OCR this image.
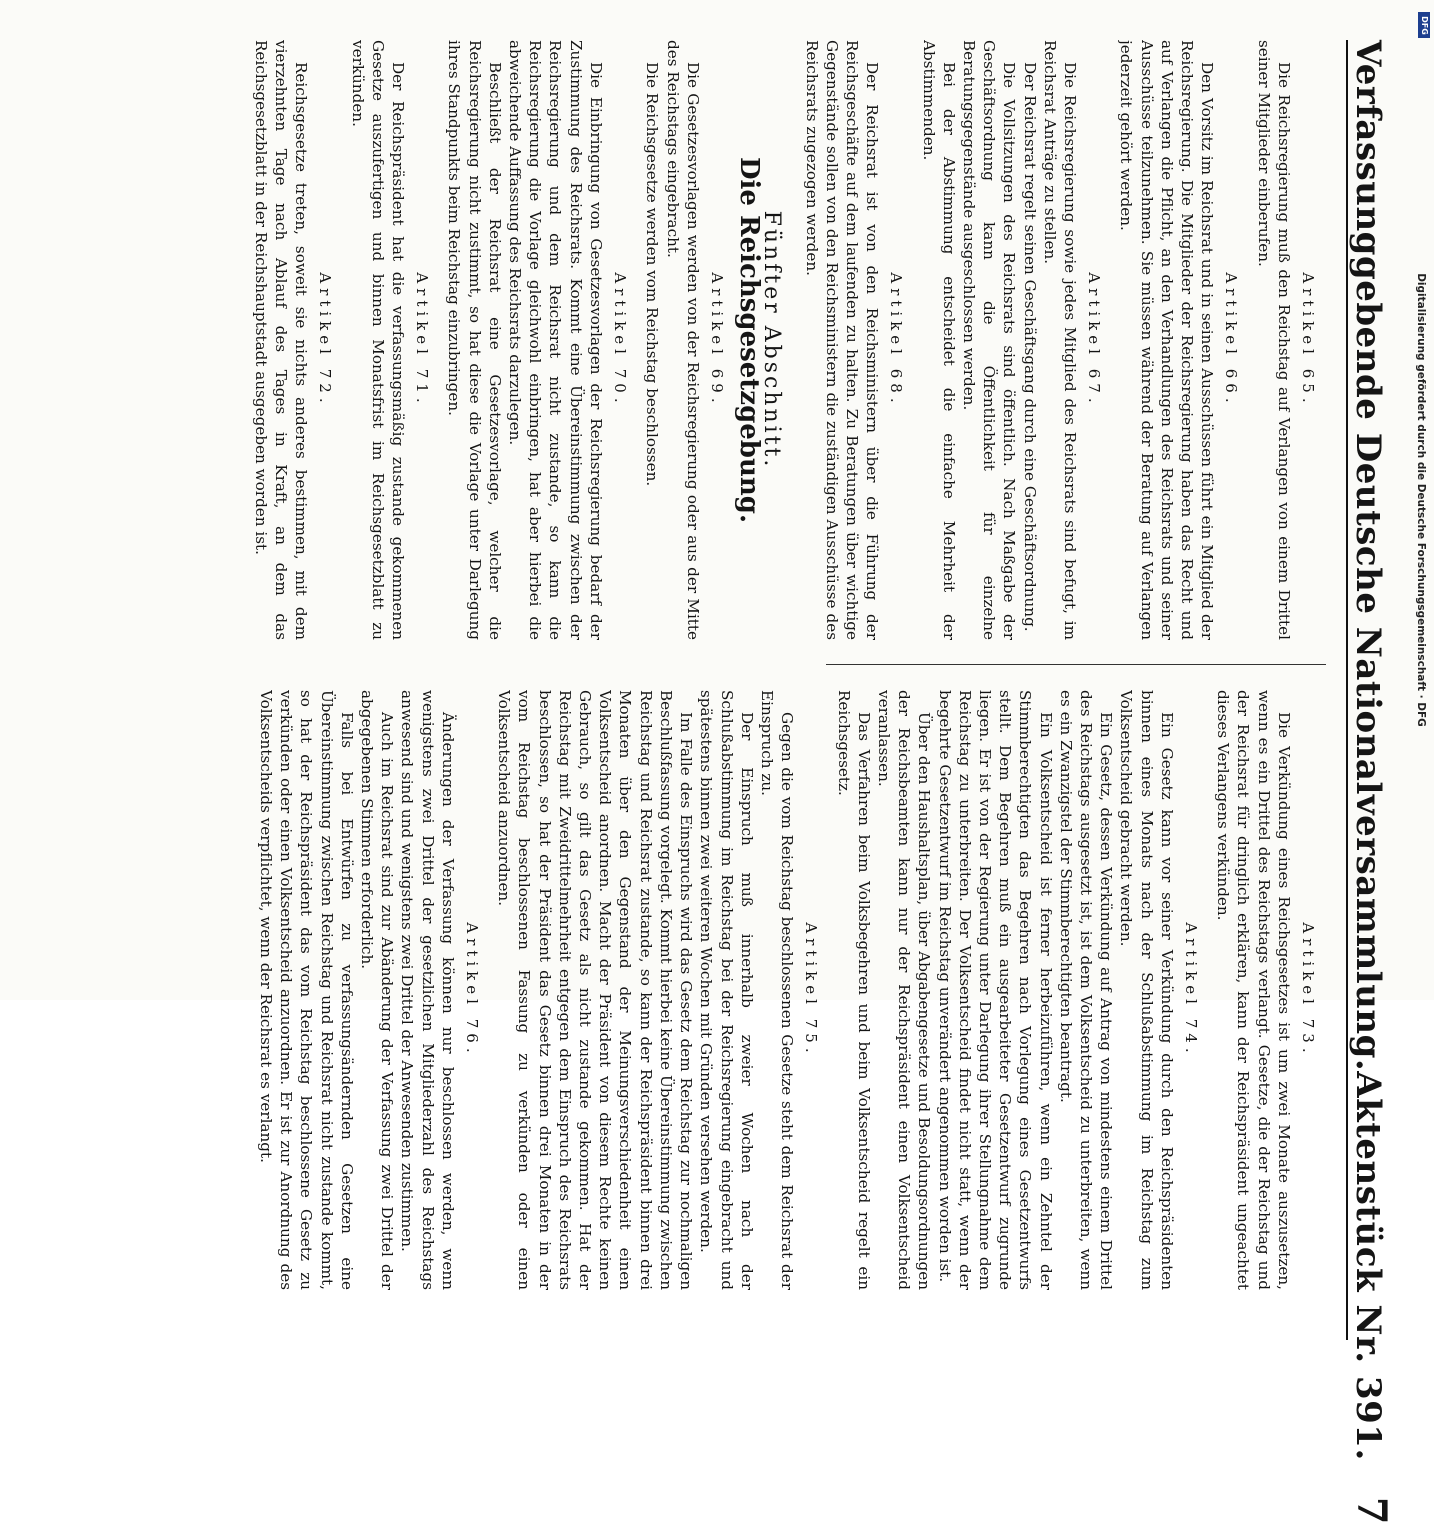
Verfassunggebende Deutsche Nationalversammlung.
Aktenstück Nr. 391.
7
Artikel 65.

Die Reichsregierung muß den Reichstag auf Verlangen von einem Drittel seiner Mitglieder einberufen.

Artikel 66.

Den Vorsitz im Reichsrat und in seinen Ausschüssen führt ein Mitglied der Reichsregierung. Die Mitglieder der Reichsregierung haben das Recht und auf Verlangen die Pflicht, an den Verhandlungen des Reichsrats und seiner Ausschüsse teilzunehmen. Sie müssen während der Beratung auf Verlangen jederzeit gehört werden.

Artikel 67.

Die Reichsregierung sowie jedes Mitglied des Reichsrats sind befugt, im Reichsrat Anträge zu stellen.

Der Reichsrat regelt seinen Geschäftsgang durch eine Geschäftsordnung.

Die Vollsitzungen des Reichsrats sind öffentlich. Nach Maßgabe der Geschäftsordnung kann die Öffentlichkeit für einzelne Beratungsgegenstände ausgeschlossen werden.

Bei der Abstimmung entscheidet die einfache Mehrheit der Abstimmenden.

Artikel 68.

Der Reichsrat ist von den Reichsministern über die Führung der Reichsgeschäfte auf dem laufenden zu halten. Zu Beratungen über wichtige Gegenstände sollen von den Reichsministern die zuständigen Ausschüsse des Reichsrats zugezogen werden.

Fünfter Abschnitt.
Die Reichsgesetzgebung.
Artikel 69.

Die Gesetzesvorlagen werden von der Reichsregierung oder aus der Mitte des Reichstags eingebracht.

Die Reichsgesetze werden vom Reichstag beschlossen.

Artikel 70.

Die Einbringung von Gesetzesvorlagen der Reichsregierung bedarf der Zustimmung des Reichsrats. Kommt eine Übereinstimmung zwischen der Reichsregierung und dem Reichsrat nicht zustande, so kann die Reichsregierung die Vorlage gleichwohl einbringen, hat aber hierbei die abweichende Auffassung des Reichsrats darzulegen.

Beschließt der Reichsrat eine Gesetzesvorlage, welcher die Reichsregierung nicht zustimmt, so hat diese die Vorlage unter Darlegung ihres Standpunkts beim Reichstag einzubringen.

Artikel 71.

Der Reichspräsident hat die verfassungsmäßig zustande gekommenen Gesetze auszufertigen und binnen Monatsfrist im Reichsgesetzblatt zu verkünden.

Artikel 72.

Reichsgesetze treten, soweit sie nichts anderes bestimmen, mit dem vierzehnten Tage nach Ablauf des Tages in Kraft, an dem das Reichsgesetzblatt in der Reichshauptstadt ausgegeben worden ist.

Artikel 73.

Die Verkündung eines Reichsgesetzes ist um zwei Monate auszusetzen, wenn es ein Drittel des Reichstags verlangt. Gesetze, die der Reichstag und der Reichsrat für dringlich erklären, kann der Reichspräsident ungeachtet dieses Verlangens verkünden.

Artikel 74.

Ein Gesetz kann vor seiner Verkündung durch den Reichspräsidenten binnen eines Monats nach der Schlußabstimmung im Reichstag zum Volksentscheid gebracht werden.

Ein Gesetz, dessen Verkündung auf Antrag von mindestens einem Drittel des Reichstags ausgesetzt ist, ist dem Volksentscheid zu unterbreiten, wenn es ein Zwanzigstel der Stimmberechtigten beantragt.

Ein Volksentscheid ist ferner herbeizuführen, wenn ein Zehntel der Stimmberechtigten das Begehren nach Vorlegung eines Gesetzentwurfs stellt. Dem Begehren muß ein ausgearbeiteter Gesetzentwurf zugrunde liegen. Er ist von der Regierung unter Darlegung ihrer Stellungnahme dem Reichstag zu unterbreiten. Der Volksentscheid findet nicht statt, wenn der begehrte Gesetzentwurf im Reichstag unverändert angenommen worden ist.

Über den Haushaltsplan, über Abgabengesetze und Besoldungsordnungen der Reichsbeamten kann nur der Reichspräsident einen Volksentscheid veranlassen.

Das Verfahren beim Volksbegehren und beim Volksentscheid regelt ein Reichsgesetz.

Artikel 75.

Gegen die vom Reichstag beschlossenen Gesetze steht dem Reichsrat der Einspruch zu.

Der Einspruch muß innerhalb zweier Wochen nach der Schlußabstimmung im Reichstag bei der Reichsregierung eingebracht und spätestens binnen zwei weiteren Wochen mit Gründen versehen werden.

Im Falle des Einspruchs wird das Gesetz dem Reichstag zur nochmaligen Beschlußfassung vorgelegt. Kommt hierbei keine Übereinstimmung zwischen Reichstag und Reichsrat zustande, so kann der Reichspräsident binnen drei Monaten über den Gegenstand der Meinungsverschiedenheit einen Volksentscheid anordnen. Macht der Präsident von diesem Rechte keinen Gebrauch, so gilt das Gesetz als nicht zustande gekommen. Hat der Reichstag mit Zweidrittelmehrheit entgegen dem Einspruch des Reichsrats beschlossen, so hat der Präsident das Gesetz binnen drei Monaten in der vom Reichstag beschlossenen Fassung zu verkünden oder einen Volksentscheid anzuordnen.

Artikel 76.

Änderungen der Verfassung können nur beschlossen werden, wenn wenigstens zwei Drittel der gesetzlichen Mitgliederzahl des Reichstags anwesend sind und wenigstens zwei Drittel der Anwesenden zustimmen.

Auch im Reichsrat sind zur Abänderung der Verfassung zwei Drittel der abgegebenen Stimmen erforderlich.

Falls bei Entwürfen zu verfassungsändernden Gesetzen eine Übereinstimmung zwischen Reichstag und Reichsrat nicht zustande kommt, so hat der Reichspräsident das vom Reichstag beschlossene Gesetz zu verkünden oder einen Volksentscheid anzuordnen. Er ist zur Anordnung des Volksentscheids verpflichtet, wenn der Reichsrat es verlangt.

DFG
Digitalisierung gefördert durch die Deutsche Forschungsgemeinschaft · DFG
